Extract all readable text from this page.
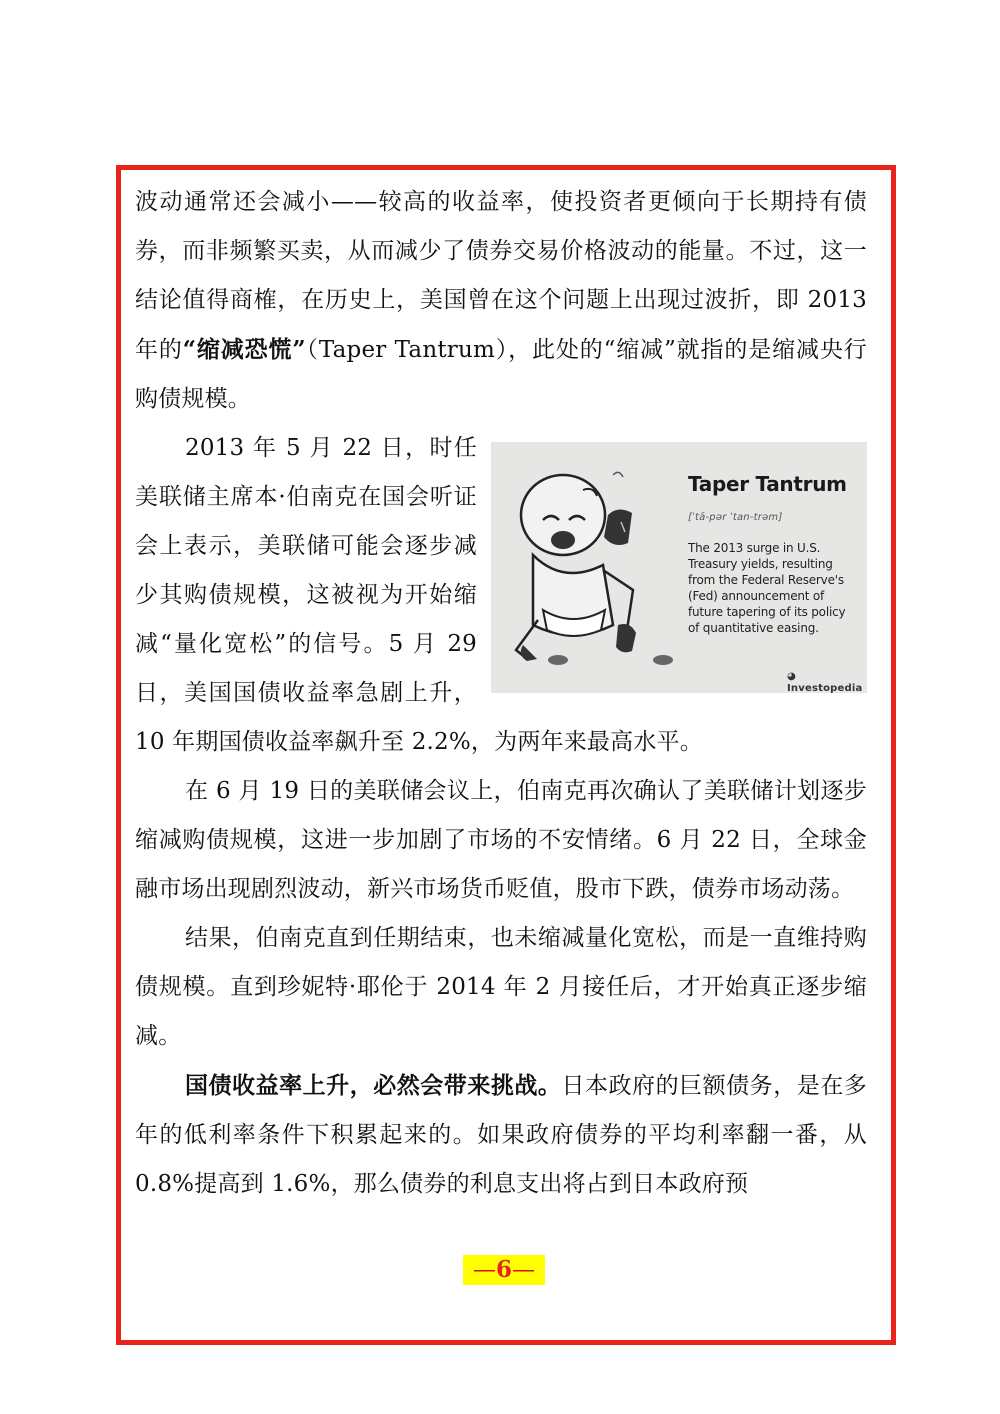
波动通常还会减小——较高的收益率，使投资者更倾向于长期持有债券，而非频繁买卖，从而减少了债券交易价格波动的能量。不过，这一结论值得商榷，在历史上，美国曾在这个问题上出现过波折，即 2013 年的“缩减恐慌”（Taper Tantrum），此处的“缩减”就指的是缩减央行购债规模。

Taper Tantrum
[ˈtā-pər ˈtan-trəm]
The 2013 surge in U.S. Treasury yields, resulting from the Federal Reserve's (Fed) announcement of future tapering of its policy of quantitative easing.
◕ Investopedia

2013 年 5 月 22 日，时任美联储主席本·伯南克在国会听证会上表示，美联储可能会逐步减少其购债规模，这被视为开始缩减“量化宽松”的信号。5 月 29 日，美国国债收益率急剧上升，10 年期国债收益率飙升至 2.2%，为两年来最高水平。

在 6 月 19 日的美联储会议上，伯南克再次确认了美联储计划逐步缩减购债规模，这进一步加剧了市场的不安情绪。6 月 22 日，全球金融市场出现剧烈波动，新兴市场货币贬值，股市下跌，债券市场动荡。

结果，伯南克直到任期结束，也未缩减量化宽松，而是一直维持购债规模。直到珍妮特·耶伦于 2014 年 2 月接任后，才开始真正逐步缩减。

国债收益率上升，必然会带来挑战。日本政府的巨额债务，是在多年的低利率条件下积累起来的。如果政府债券的平均利率翻一番，从 0.8%提高到 1.6%，那么债券的利息支出将占到日本政府预

—6—
